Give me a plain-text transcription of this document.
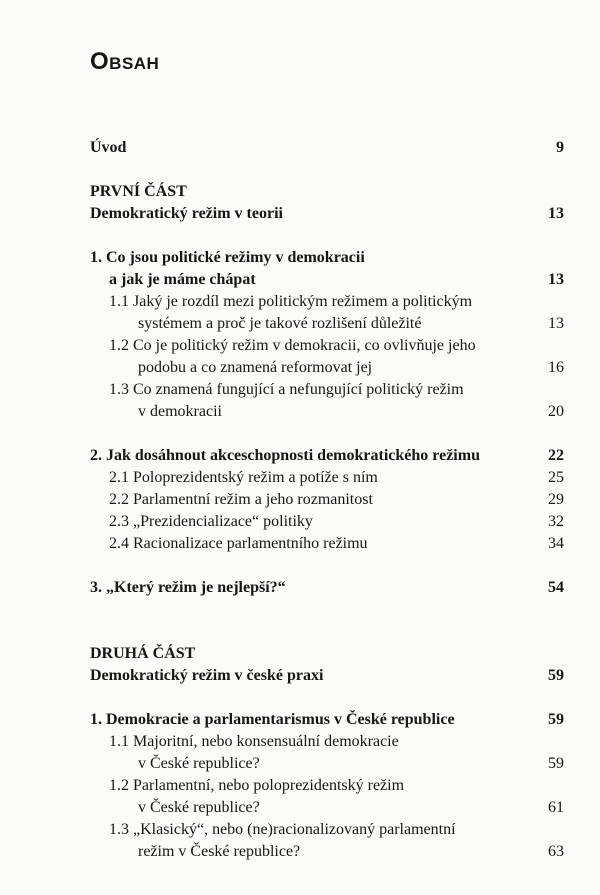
Obsah
Úvod	9
PRVNÍ ČÁST
Demokratický režim v teorii	13
1. Co jsou politické režimy v demokracii
a jak je máme chápat	13
1.1 Jaký je rozdíl mezi politickým režimem a politickým
systémem a proč je takové rozlišení důležité	13
1.2 Co je politický režim v demokracii, co ovlivňuje jeho
podobu a co znamená reformovat jej	16
1.3 Co znamená fungující a nefungující politický režim
v demokracii	20
2. Jak dosáhnout akceschopnosti demokratického režimu	22
2.1 Poloprezidentský režim a potíže s ním	25
2.2 Parlamentní režim a jeho rozmanitost	29
2.3 „Prezidencializace“ politiky	32
2.4 Racionalizace parlamentního režimu	34
3. „Který režim je nejlepší?“	54
DRUHÁ ČÁST
Demokratický režim v české praxi	59
1. Demokracie a parlamentarismus v České republice	59
1.1 Majoritní, nebo konsensuální demokracie
v České republice?	59
1.2 Parlamentní, nebo poloprezidentský režim
v České republice?	61
1.3 „Klasický“, nebo (ne)racionalizovaný parlamentní
režim v České republice?	63
